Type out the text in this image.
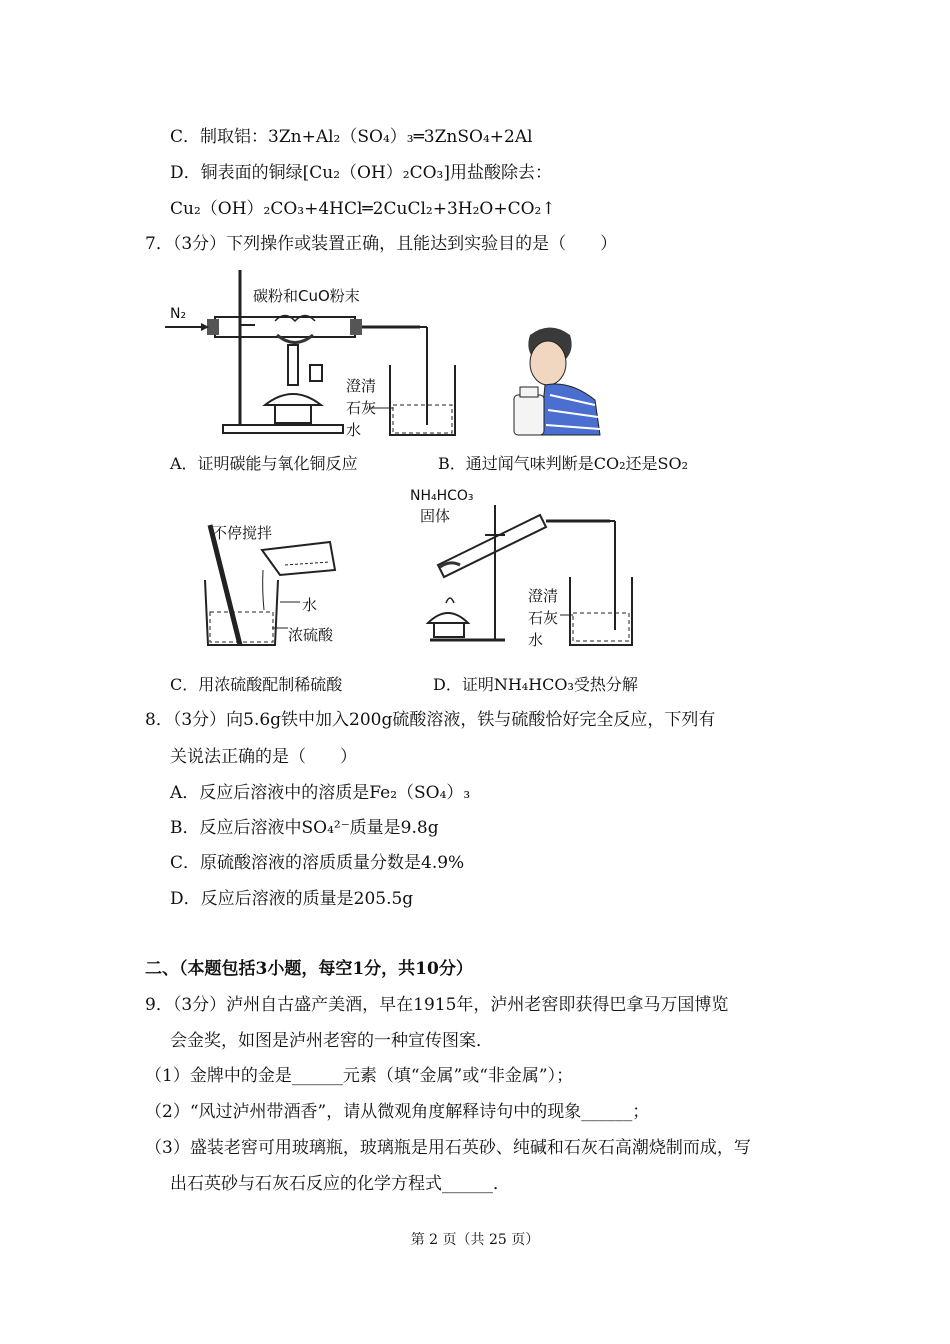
C．制取铝：3Zn+Al₂（SO₄）₃═3ZnSO₄+2Al
D．铜表面的铜绿[Cu₂（OH）₂CO₃]用盐酸除去：
Cu₂（OH）₂CO₃+4HCl═2CuCl₂+3H₂O+CO₂↑
7．（3分）下列操作或装置正确，且能达到实验目的是（　　）
碳粉和CuO粉末
N₂
澄清
石灰
水
A．证明碳能与氧化铜反应	B．通过闻气味判断是CO₂还是SO₂
不停搅拌
水
浓硫酸
NH₄HCO₃
固体
澄清
石灰
水
C．用浓硫酸配制稀硫酸	D．证明NH₄HCO₃受热分解
8．（3分）向5.6g铁中加入200g硫酸溶液，铁与硫酸恰好完全反应，下列有
关说法正确的是（　　）
A．反应后溶液中的溶质是Fe₂（SO₄）₃
B．反应后溶液中SO₄²⁻质量是9.8g
C．原硫酸溶液的溶质质量分数是4.9%
D．反应后溶液的质量是205.5g
二、（本题包括3小题，每空1分，共10分）
9．（3分）泸州自古盛产美酒，早在1915年，泸州老窖即获得巴拿马万国博览
会金奖，如图是泸州老窖的一种宣传图案．
（1）金牌中的金是______元素（填“金属”或“非金属”）；
（2）“风过泸州带酒香”，请从微观角度解释诗句中的现象______；
（3）盛装老窖可用玻璃瓶，玻璃瓶是用石英砂、纯碱和石灰石高潮烧制而成，写
出石英砂与石灰石反应的化学方程式______．
第 2 页（共 25 页）
